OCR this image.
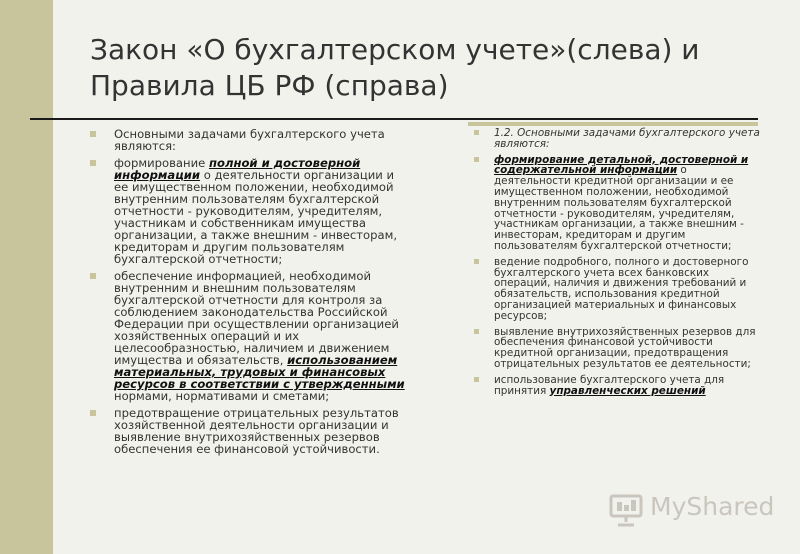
Закон «О бухгалтерском учете»(слева) и
Правила ЦБ РФ (справа)
Основными задачами бухгалтерского учета являются:
формирование полной и достоверной информации о деятельности организации и ее имущественном положении, необходимой внутренним пользователям бухгалтерской отчетности - руководителям, учредителям, участникам и собственникам имущества организации, а также внешним - инвесторам, кредиторам и другим пользователям бухгалтерской отчетности;
обеспечение информацией, необходимой внутренним и внешним пользователям бухгалтерской отчетности для контроля за соблюдением законодательства Российской Федерации при осуществлении организацией хозяйственных операций и их целесообразностью, наличием и движением имущества и обязательств, использованием материальных, трудовых и финансовых ресурсов в соответствии с утвержденными нормами, нормативами и сметами;
предотвращение отрицательных результатов хозяйственной деятельности организации и выявление внутрихозяйственных резервов обеспечения ее финансовой устойчивости.
1.2. Основными задачами бухгалтерского учета являются:
формирование детальной, достоверной и содержательной информации о деятельности кредитной организации и ее имущественном положении, необходимой внутренним пользователям бухгалтерской отчетности - руководителям, учредителям, участникам организации, а также внешним - инвесторам, кредиторам и другим пользователям бухгалтерской отчетности;
ведение подробного, полного и достоверного бухгалтерского учета всех банковских операций, наличия и движения требований и обязательств, использования кредитной организацией материальных и финансовых ресурсов;
выявление внутрихозяйственных резервов для обеспечения финансовой устойчивости кредитной организации, предотвращения отрицательных результатов ее деятельности;
использование бухгалтерского учета для принятия управленческих решений
MyShared
